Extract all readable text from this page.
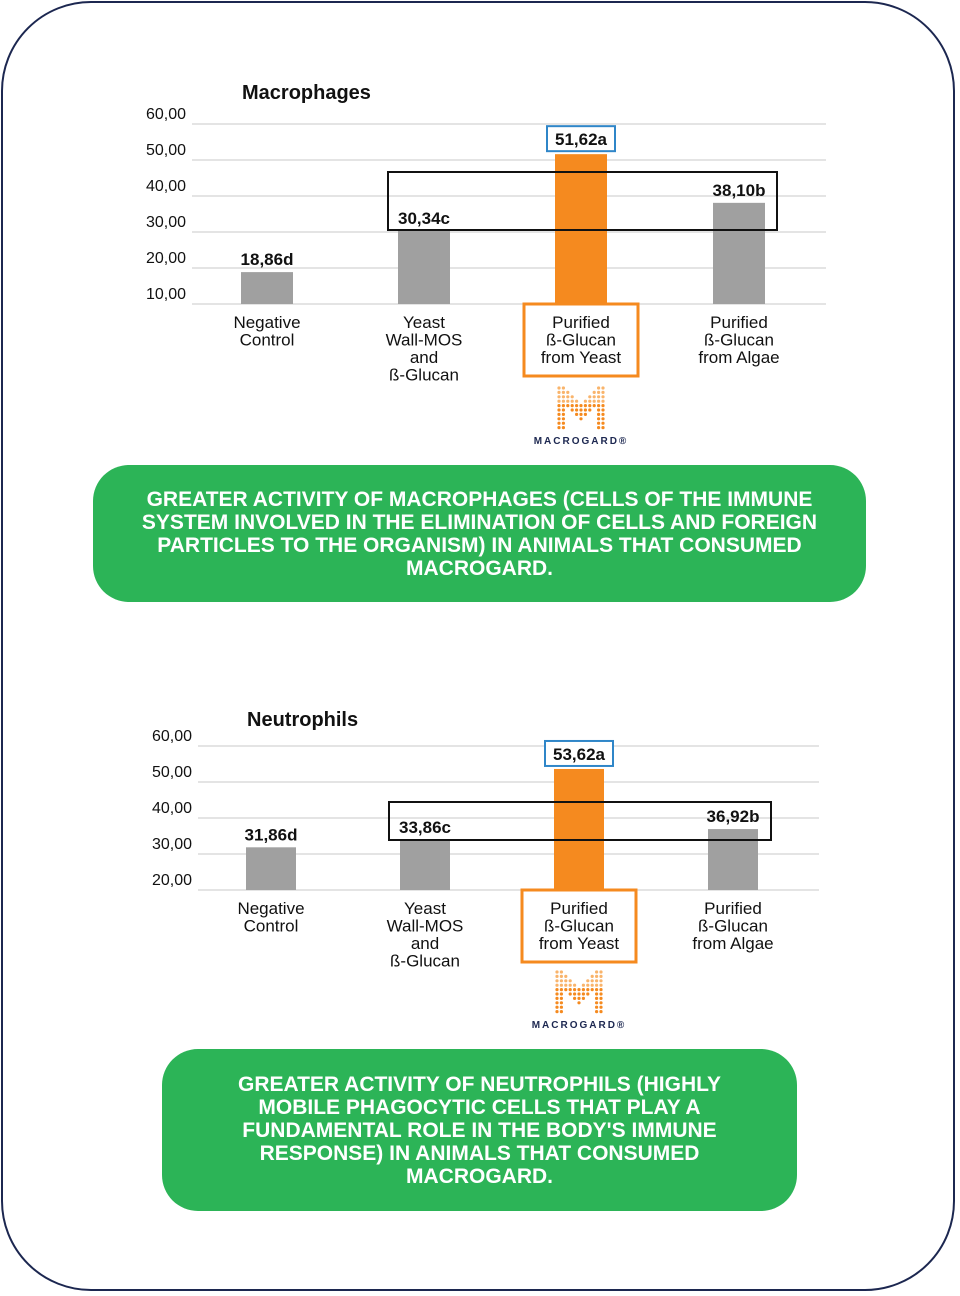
Macrophages
60,00
50,00
40,00
30,00
20,00
10,00
18,86d
Negative
Control
30,34c
Yeast
Wall-MOS
and
ß-Glucan
51,62a
Purified
ß-Glucan
from Yeast
38,10b
Purified
ß-Glucan
from Algae
MACROGARD®
GREATER ACTIVITY OF MACROPHAGES (CELLS OF THE IMMUNE SYSTEM INVOLVED IN THE ELIMINATION OF CELLS AND FOREIGN PARTICLES TO THE ORGANISM) IN ANIMALS THAT CONSUMED MACROGARD.
Neutrophils
60,00
50,00
40,00
30,00
20,00
31,86d
Negative
Control
33,86c
Yeast
Wall-MOS
and
ß-Glucan
53,62a
Purified
ß-Glucan
from Yeast
36,92b
Purified
ß-Glucan
from Algae
MACROGARD®
GREATER ACTIVITY OF NEUTROPHILS (HIGHLY MOBILE PHAGOCYTIC CELLS THAT PLAY A FUNDAMENTAL ROLE IN THE BODY'S IMMUNE RESPONSE) IN ANIMALS THAT CONSUMED MACROGARD.
